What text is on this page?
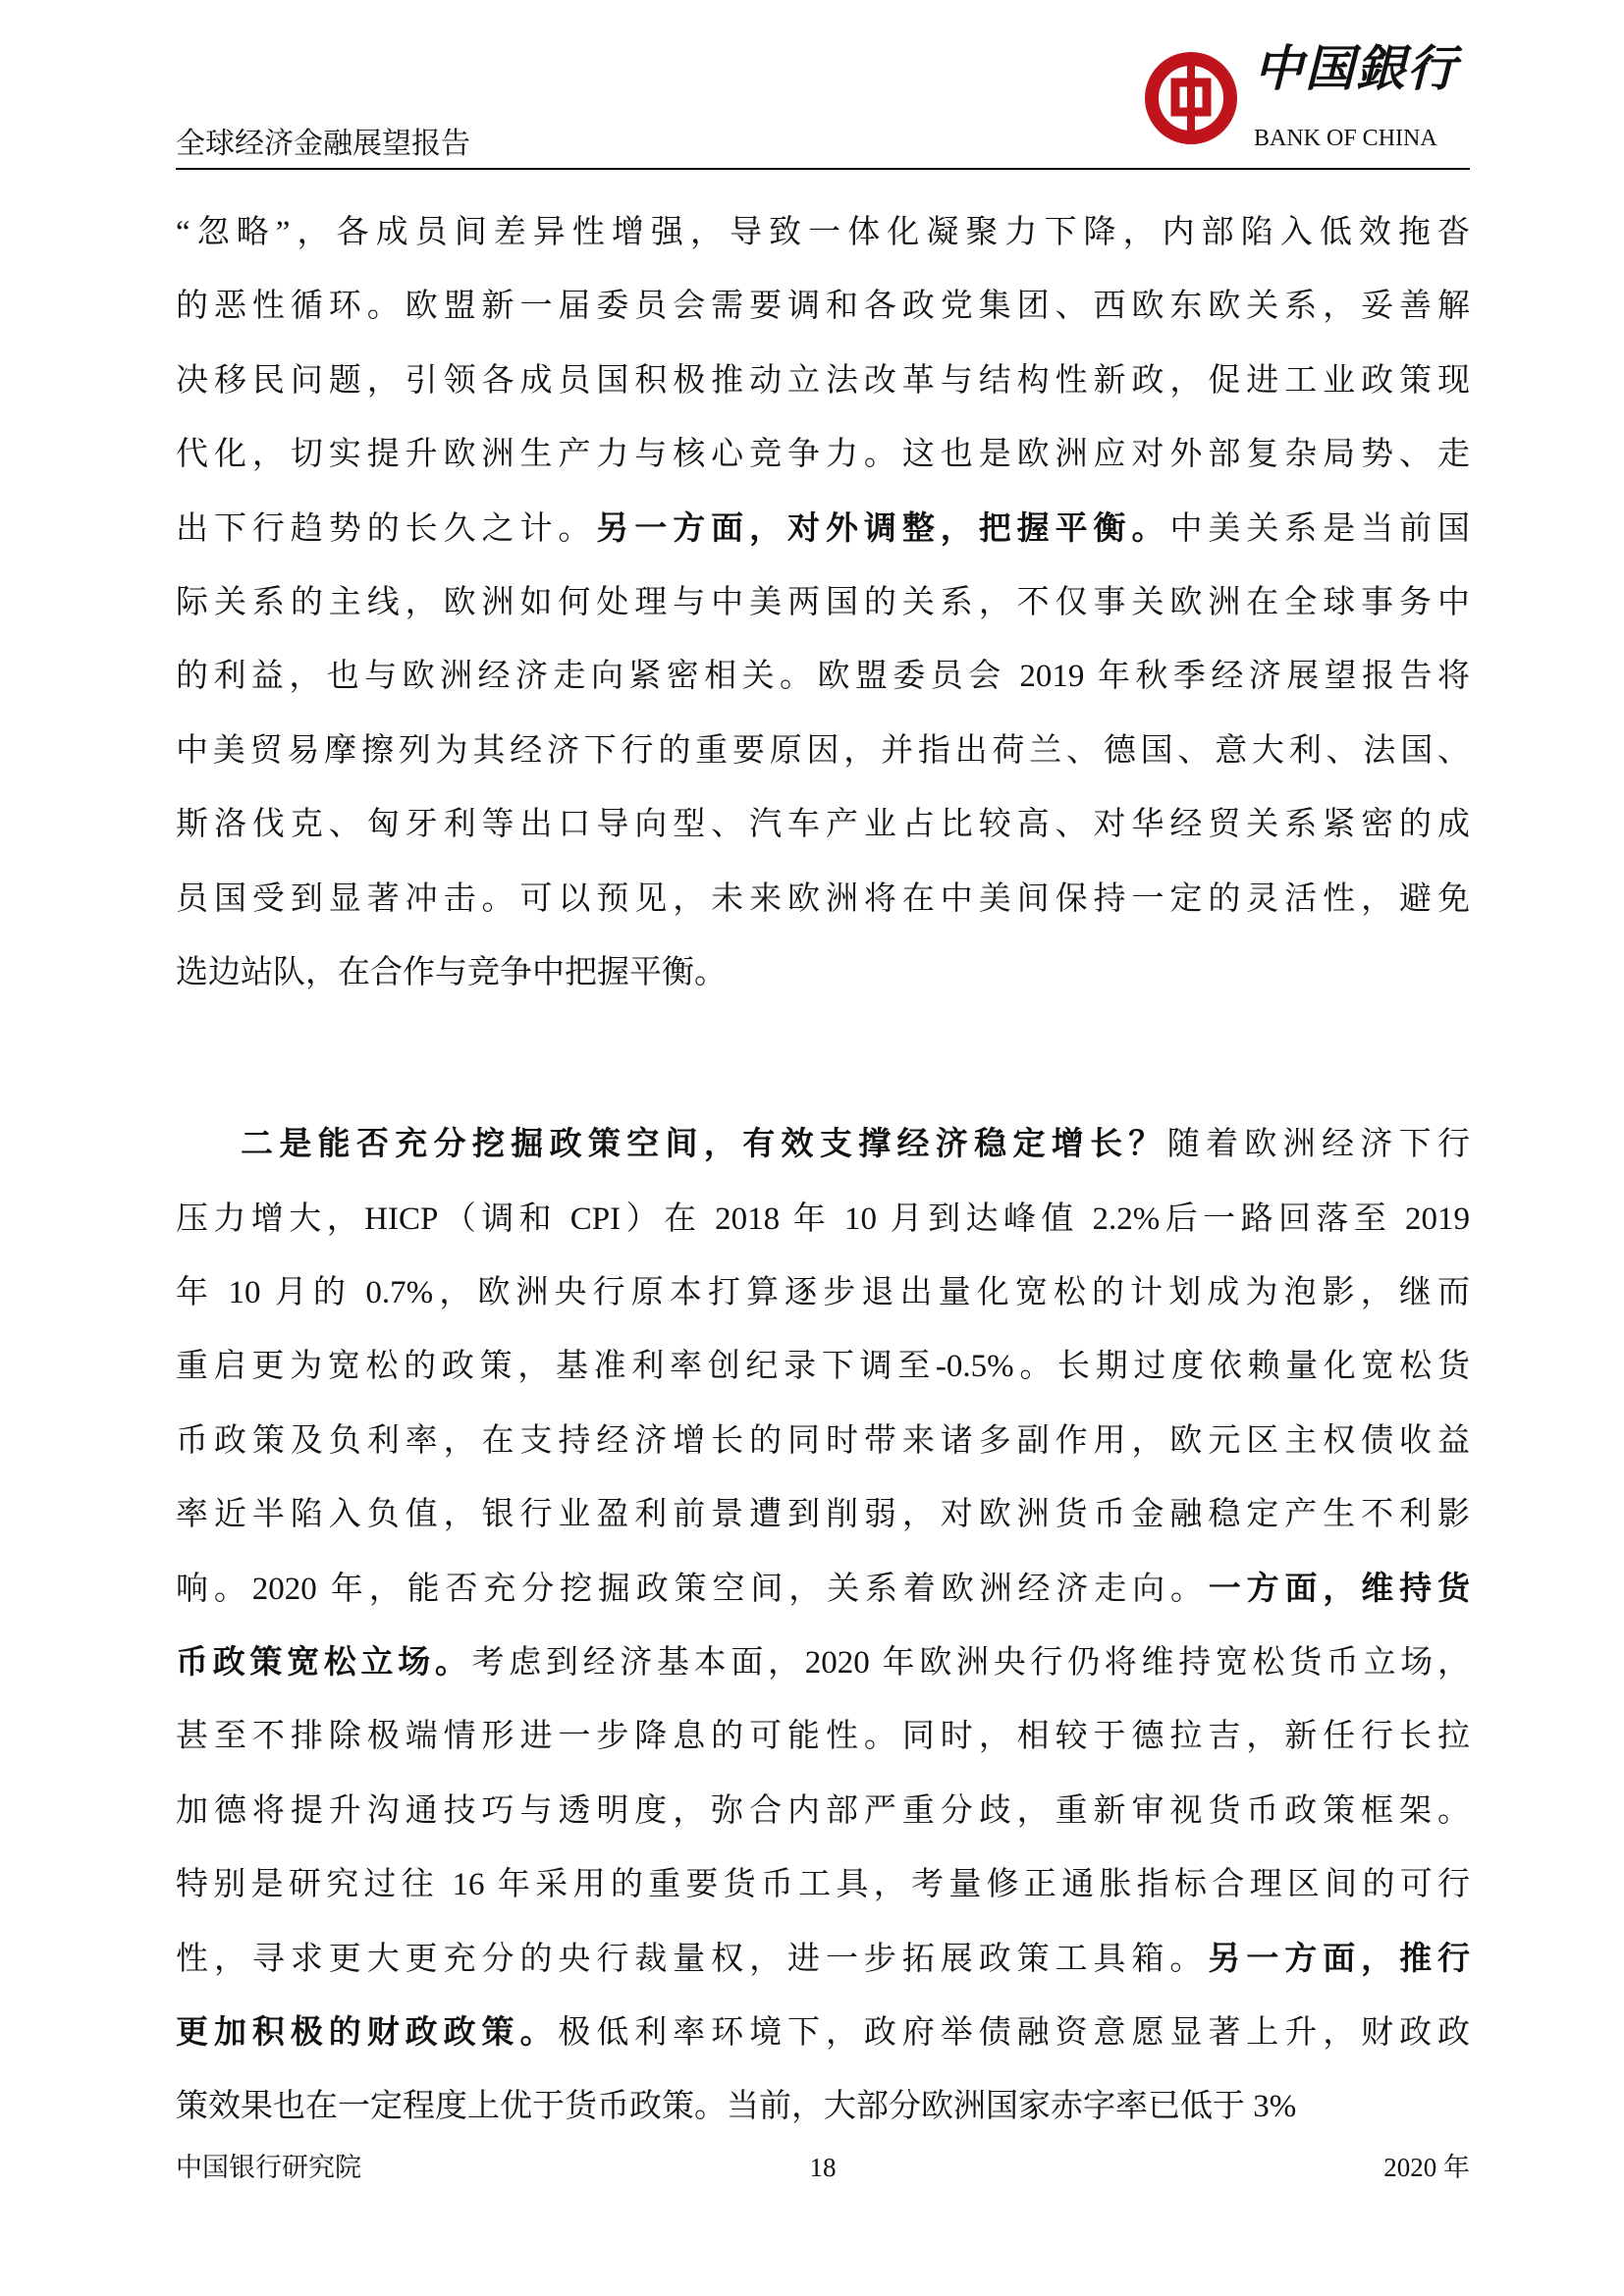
全球经济金融展望报告
中国銀行
BANK OF CHINA
“忽略”，各成员间差异性增强，导致一体化凝聚力下降，内部陷入低效拖沓
的恶性循环。欧盟新一届委员会需要调和各政党集团、西欧东欧关系，妥善解
决移民问题，引领各成员国积极推动立法改革与结构性新政，促进工业政策现
代化，切实提升欧洲生产力与核心竞争力。这也是欧洲应对外部复杂局势、走
出下行趋势的长久之计。另一方面，对外调整，把握平衡。中美关系是当前国
际关系的主线，欧洲如何处理与中美两国的关系，不仅事关欧洲在全球事务中
的利益，也与欧洲经济走向紧密相关。欧盟委员会 2019 年秋季经济展望报告将
中美贸易摩擦列为其经济下行的重要原因，并指出荷兰、德国、意大利、法国、
斯洛伐克、匈牙利等出口导向型、汽车产业占比较高、对华经贸关系紧密的成
员国受到显著冲击。可以预见，未来欧洲将在中美间保持一定的灵活性，避免
选边站队，在合作与竞争中把握平衡。
二是能否充分挖掘政策空间，有效支撑经济稳定增长？随着欧洲经济下行
压力增大，HICP（调和 CPI）在 2018 年 10 月到达峰值 2.2%后一路回落至 2019
年 10 月的 0.7%，欧洲央行原本打算逐步退出量化宽松的计划成为泡影，继而
重启更为宽松的政策，基准利率创纪录下调至-0.5%。长期过度依赖量化宽松货
币政策及负利率，在支持经济增长的同时带来诸多副作用，欧元区主权债收益
率近半陷入负值，银行业盈利前景遭到削弱，对欧洲货币金融稳定产生不利影
响。2020 年，能否充分挖掘政策空间，关系着欧洲经济走向。一方面，维持货
币政策宽松立场。考虑到经济基本面，2020 年欧洲央行仍将维持宽松货币立场，
甚至不排除极端情形进一步降息的可能性。同时，相较于德拉吉，新任行长拉
加德将提升沟通技巧与透明度，弥合内部严重分歧，重新审视货币政策框架。
特别是研究过往 16 年采用的重要货币工具，考量修正通胀指标合理区间的可行
性，寻求更大更充分的央行裁量权，进一步拓展政策工具箱。另一方面，推行
更加积极的财政政策。极低利率环境下，政府举债融资意愿显著上升，财政政
策效果也在一定程度上优于货币政策。当前，大部分欧洲国家赤字率已低于 3%
中国银行研究院	18	2020 年
